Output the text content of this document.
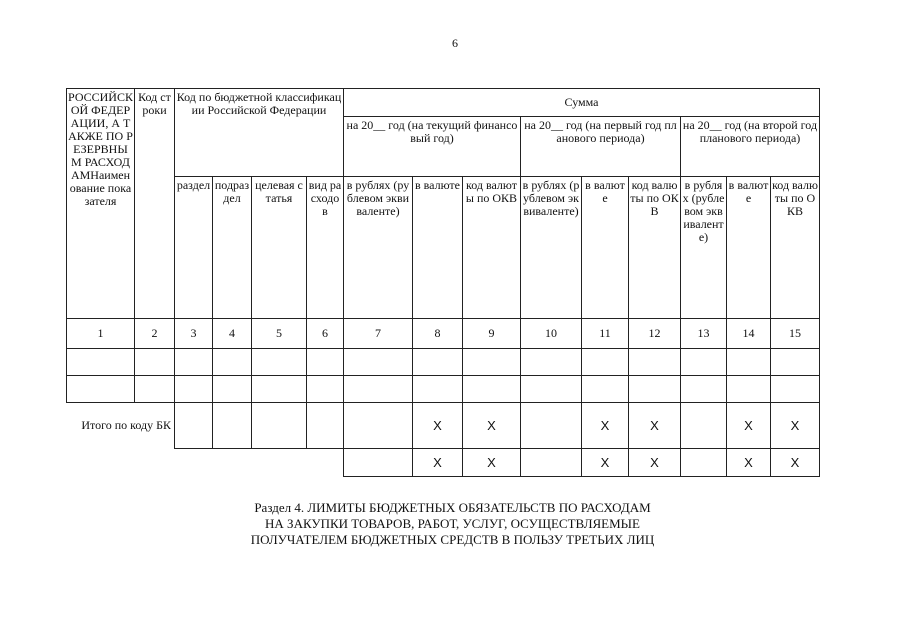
6
РОССИЙСКОЙ ФЕДЕРАЦИИ, А ТАКЖЕ ПО РЕЗЕРВНЫМ РАСХОДАМНаименование показателя	Код строки	Код по бюджетной классификации Российской Федерации				Сумма								
						на 20__ год (на текущий финансовый год)			на 20__ год (на первый год планового периода)			на 20__ год (на второй год планового периода)		
		раздел	подраздел	целевая статья	вид расходов	в рублях (рублевом эквиваленте)	в валюте	код валюты по ОКВ	в рублях (рублевом эквиваленте)	в валюте	код валюты по ОКВ	в рублях (рублевом эквиваленте)	в валюте	код валюты по ОКВ
1	2	3	4	5	6	7	8	9	10	11	12	13	14	15

Итого по коду БК							X	X		X	X		X	X
							X	X		X	X		X	X
Раздел 4. ЛИМИТЫ БЮДЖЕТНЫХ ОБЯЗАТЕЛЬСТВ ПО РАСХОДАМ
НА ЗАКУПКИ ТОВАРОВ, РАБОТ, УСЛУГ, ОСУЩЕСТВЛЯЕМЫЕ
ПОЛУЧАТЕЛЕМ БЮДЖЕТНЫХ СРЕДСТВ В ПОЛЬЗУ ТРЕТЬИХ ЛИЦ
